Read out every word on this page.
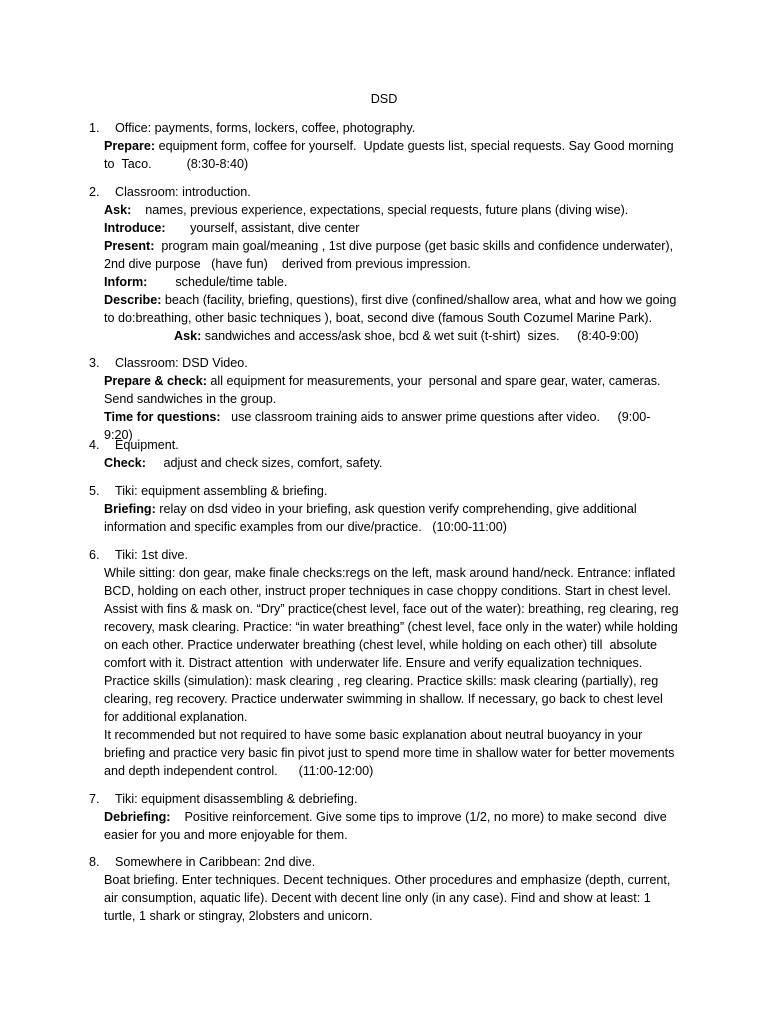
DSD
1. Office: payments, forms, lockers, coffee, photography.

Prepare: equipment form, coffee for yourself.  Update guests list, special requests. Say Good morning to  Taco.          (8:30-8:40)

2. Classroom: introduction.

Ask:    names, previous experience, expectations, special requests, future plans (diving wise).

Introduce:       yourself, assistant, dive center

Present:  program main goal/meaning , 1st dive purpose (get basic skills and confidence underwater), 2nd dive purpose   (have fun)    derived from previous impression.

Inform:        schedule/time table.

Describe: beach (facility, briefing, questions), first dive (confined/shallow area, what and how we going to do:breathing, other basic techniques ), boat, second dive (famous South Cozumel Marine Park).                     Ask: sandwiches and access/ask shoe, bcd & wet suit (t-shirt)  sizes.     (8:40-9:00)

3. Classroom: DSD Video.

Prepare & check: all equipment for measurements, your  personal and spare gear, water, cameras. Send sandwiches in the group.

Time for questions:   use classroom training aids to answer prime questions after video.     (9:00-9:20)

4. Equipment.

Check:     adjust and check sizes, comfort, safety.

5. Tiki: equipment assembling & briefing.

Briefing: relay on dsd video in your briefing, ask question verify comprehending, give additional information and specific examples from our dive/practice.   (10:00-11:00)

6. Tiki: 1st dive.

While sitting: don gear, make finale checks:regs on the left, mask around hand/neck. Entrance: inflated BCD, holding on each other, instruct proper techniques in case choppy conditions. Start in chest level. Assist with fins & mask on. “Dry” practice(chest level, face out of the water): breathing, reg clearing, reg recovery, mask clearing. Practice: “in water breathing” (chest level, face only in the water) while holding on each other. Practice underwater breathing (chest level, while holding on each other) till  absolute comfort with it. Distract attention  with underwater life. Ensure and verify equalization techniques. Practice skills (simulation): mask clearing , reg clearing. Practice skills: mask clearing (partially), reg clearing, reg recovery. Practice underwater swimming in shallow. If necessary, go back to chest level for additional explanation.

It recommended but not required to have some basic explanation about neutral buoyancy in your briefing and practice very basic fin pivot just to spend more time in shallow water for better movements and depth independent control.      (11:00-12:00)

7. Tiki: equipment disassembling & debriefing.

Debriefing:    Positive reinforcement. Give some tips to improve (1/2, no more) to make second  dive easier for you and more enjoyable for them.

8. Somewhere in Caribbean: 2nd dive.

Boat briefing. Enter techniques. Decent techniques. Other procedures and emphasize (depth, current, air consumption, aquatic life). Decent with decent line only (in any case). Find and show at least: 1 turtle, 1 shark or stingray, 2lobsters and unicorn.
